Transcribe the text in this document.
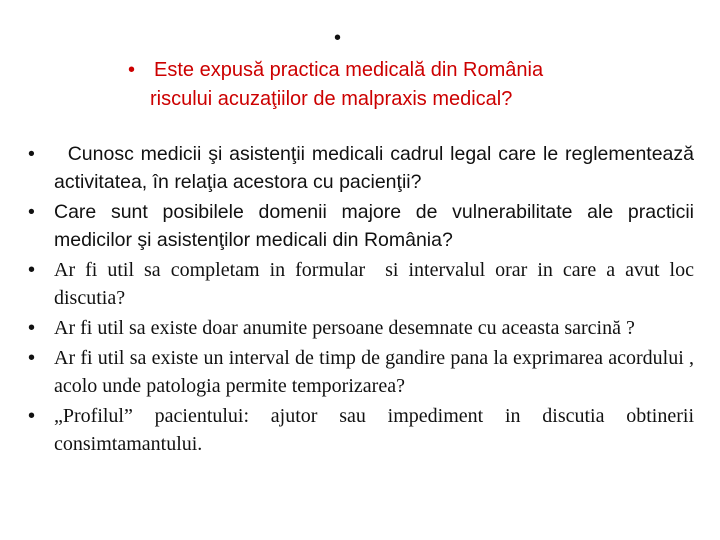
•
• Este expusă practica medicală din România
riscului acuzaţiilor de malpraxis medical?
• Cunosc medicii şi asistenţii medicali cadrul legal care le reglementează activitatea, în relaţia acestora cu pacienţii?
• Care sunt posibilele domenii majore de vulnerabilitate ale practicii medicilor şi asistenţilor medicali din România?
• Ar fi util sa completam in formular  si intervalul orar in care a avut loc discutia?
• Ar fi util sa existe doar anumite persoane desemnate cu aceasta sarcină ?
• Ar fi util sa existe un interval de timp de gandire pana la exprimarea acordului , acolo unde patologia permite temporizarea?
• „Profilul” pacientului: ajutor sau impediment in discutia obtinerii consimtamantului.
